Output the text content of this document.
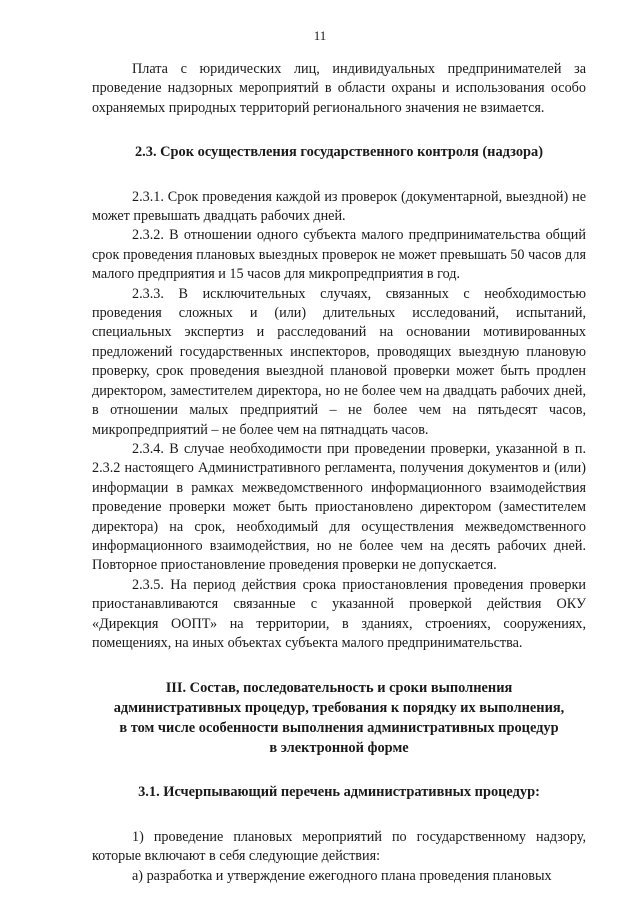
11

Плата с юридических лиц, индивидуальных предпринимателей за проведение надзорных мероприятий в области охраны и использования особо охраняемых природных территорий регионального значения не взимается.

2.3. Срок осуществления государственного контроля (надзора)

2.3.1. Срок проведения каждой из проверок (документарной, выездной) не может превышать двадцать рабочих дней.

2.3.2. В отношении одного субъекта малого предпринимательства общий срок проведения плановых выездных проверок не может превышать 50 часов для малого предприятия и 15 часов для микропредприятия в год.

2.3.3. В исключительных случаях, связанных с необходимостью проведения сложных и (или) длительных исследований, испытаний, специальных экспертиз и расследований на основании мотивированных предложений государственных инспекторов, проводящих выездную плановую проверку, срок проведения выездной плановой проверки может быть продлен директором, заместителем директора, но не более чем на двадцать рабочих дней, в отношении малых предприятий – не более чем на пятьдесят часов, микропредприятий – не более чем на пятнадцать часов.

2.3.4. В случае необходимости при проведении проверки, указанной в п. 2.3.2 настоящего Административного регламента, получения документов и (или) информации в рамках межведомственного информационного взаимодействия проведение проверки может быть приостановлено директором (заместителем директора) на срок, необходимый для осуществления межведомственного информационного взаимодействия, но не более чем на десять рабочих дней. Повторное приостановление проведения проверки не допускается.

2.3.5. На период действия срока приостановления проведения проверки приостанавливаются связанные с указанной проверкой действия ОКУ «Дирекция ООПТ» на территории, в зданиях, строениях, сооружениях, помещениях, на иных объектах субъекта малого предпринимательства.

III. Состав, последовательность и сроки выполнения
административных процедур, требования к порядку их выполнения,
в том числе особенности выполнения административных процедур
в электронной форме
3.1. Исчерпывающий перечень административных процедур:

1) проведение плановых мероприятий по государственному надзору, которые включают в себя следующие действия:

а) разработка и утверждение ежегодного плана проведения плановых
